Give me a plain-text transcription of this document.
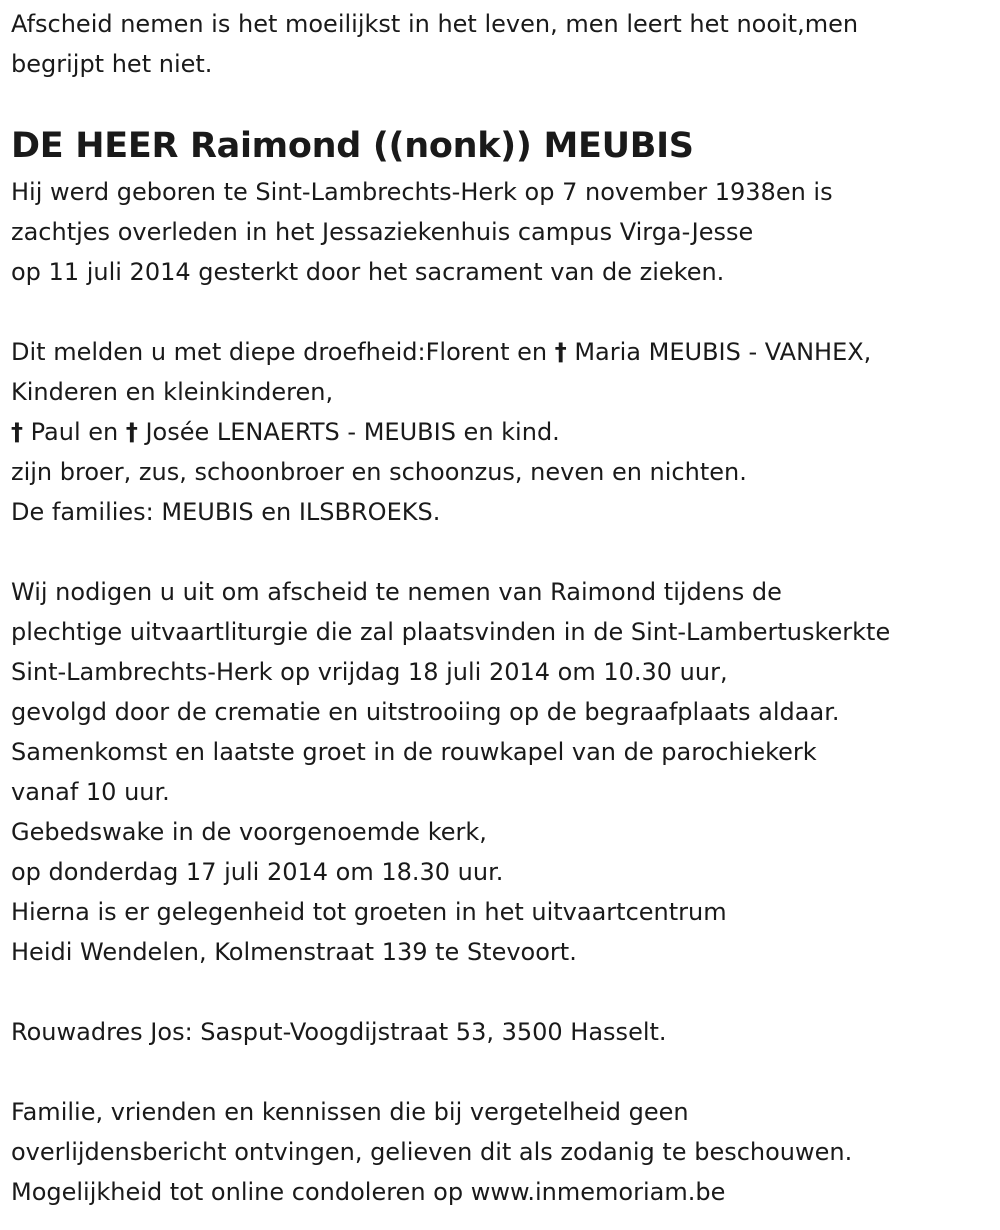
Afscheid nemen is het moeilijkst in het leven, men leert het nooit,men
begrijpt het niet.
DE HEER Raimond ((nonk)) MEUBIS
Hij werd geboren te Sint-Lambrechts-Herk op 7 november 1938en is
zachtjes overleden in het Jessaziekenhuis campus Virga-Jesse
op 11 juli 2014 gesterkt door het sacrament van de zieken.
Dit melden u met diepe droefheid:Florent en † Maria MEUBIS - VANHEX,
Kinderen en kleinkinderen,
† Paul en † Josée LENAERTS - MEUBIS en kind.
zijn broer, zus, schoonbroer en schoonzus, neven en nichten.
De families: MEUBIS en ILSBROEKS.
Wij nodigen u uit om afscheid te nemen van Raimond tijdens de
plechtige uitvaartliturgie die zal plaatsvinden in de Sint-Lambertuskerkte
Sint-Lambrechts-Herk op vrijdag 18 juli 2014 om 10.30 uur,
gevolgd door de crematie en uitstrooiing op de begraafplaats aldaar.
Samenkomst en laatste groet in de rouwkapel van de parochiekerk
vanaf 10 uur.
Gebedswake in de voorgenoemde kerk,
op donderdag 17 juli 2014 om 18.30 uur.
Hierna is er gelegenheid tot groeten in het uitvaartcentrum
Heidi Wendelen, Kolmenstraat 139 te Stevoort.
Rouwadres Jos: Sasput-Voogdijstraat 53, 3500 Hasselt.
Familie, vrienden en kennissen die bij vergetelheid geen
overlijdensbericht ontvingen, gelieven dit als zodanig te beschouwen.
Mogelijkheid tot online condoleren op www.inmemoriam.be
